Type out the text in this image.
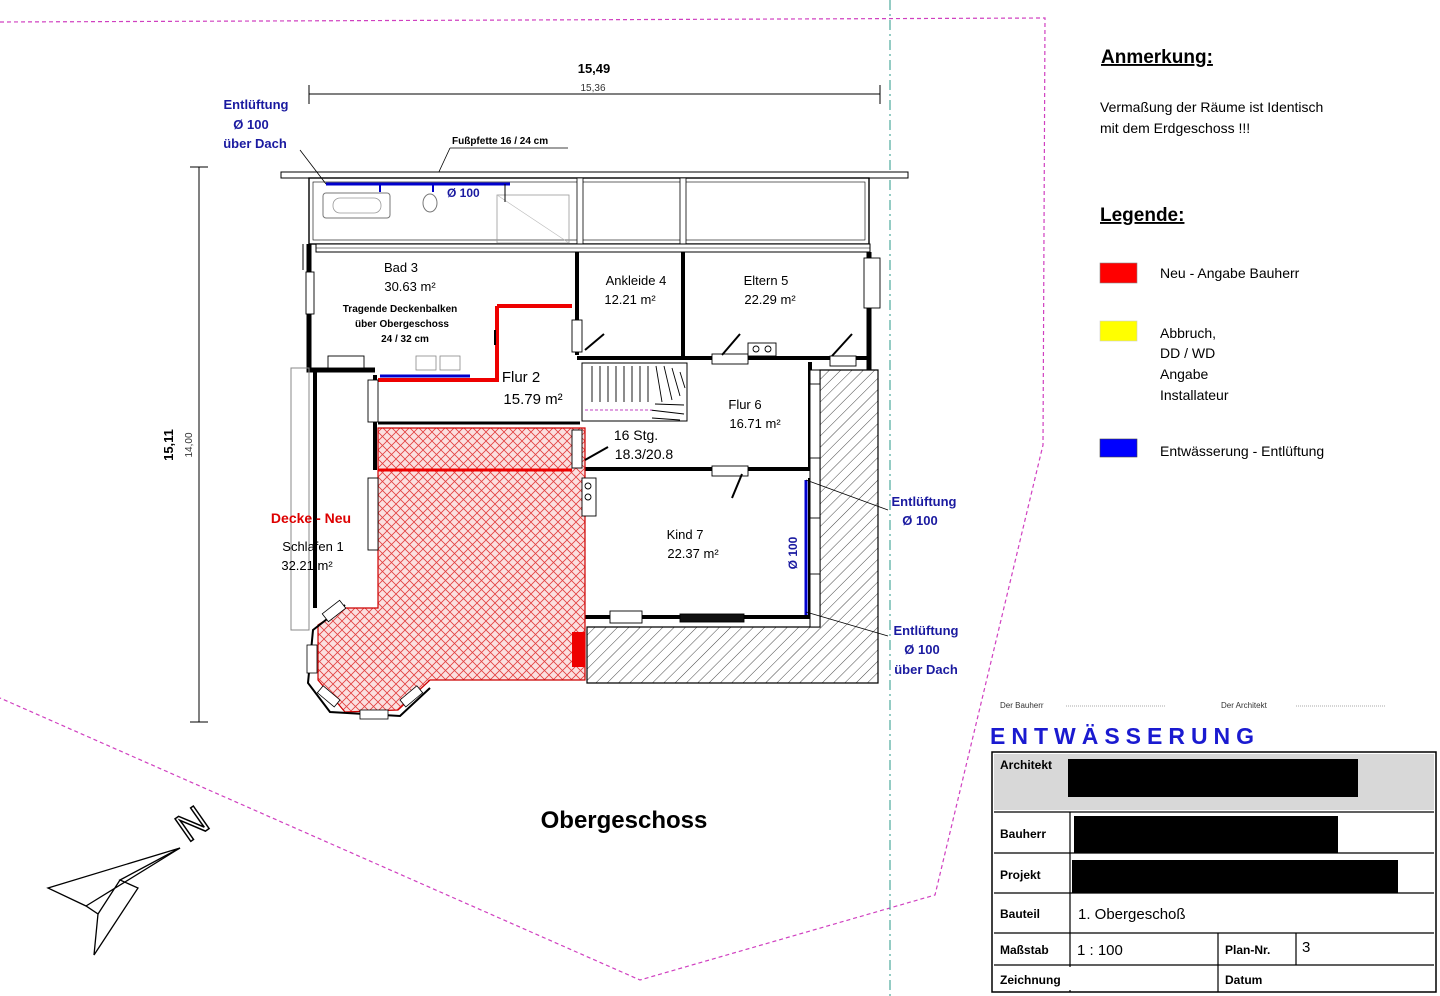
15,49
15,36
15,11 14,00
Fußpfette 16 / 24 cm
Ø 100
Entlüftung
Ø 100
über Dach
Ø 100
Entlüftung
Ø 100
Entlüftung
Ø 100
über Dach
Bad 3
30.63 m²
Tragende Deckenbalken
über Obergeschoss
24 / 32 cm
Ankleide 4
12.21 m²
Eltern 5
22.29 m²
Flur 2
15.79 m²	Flur 6
16.71 m²
16 Stg.
18.3/20.8
Decke - Neu
Schlafen 1
32.21 m²
Kind 7
22.37 m²
Obergeschoss
N
Anmerkung:
Vermaßung der Räume ist Identisch
mit dem Erdgeschoss !!!
Legende:
Neu - Angabe Bauherr
Abbruch,
DD / WD
Angabe
Installateur
Entwässerung - Entlüftung
Der Bauherr	Der Architekt
ENTWÄSSERUNG
Architekt
Bauherr
Projekt
Bauteil	1. Obergeschoß
Maßstab 1 : 100	Plan-Nr. 3
Zeichnung	Datum
